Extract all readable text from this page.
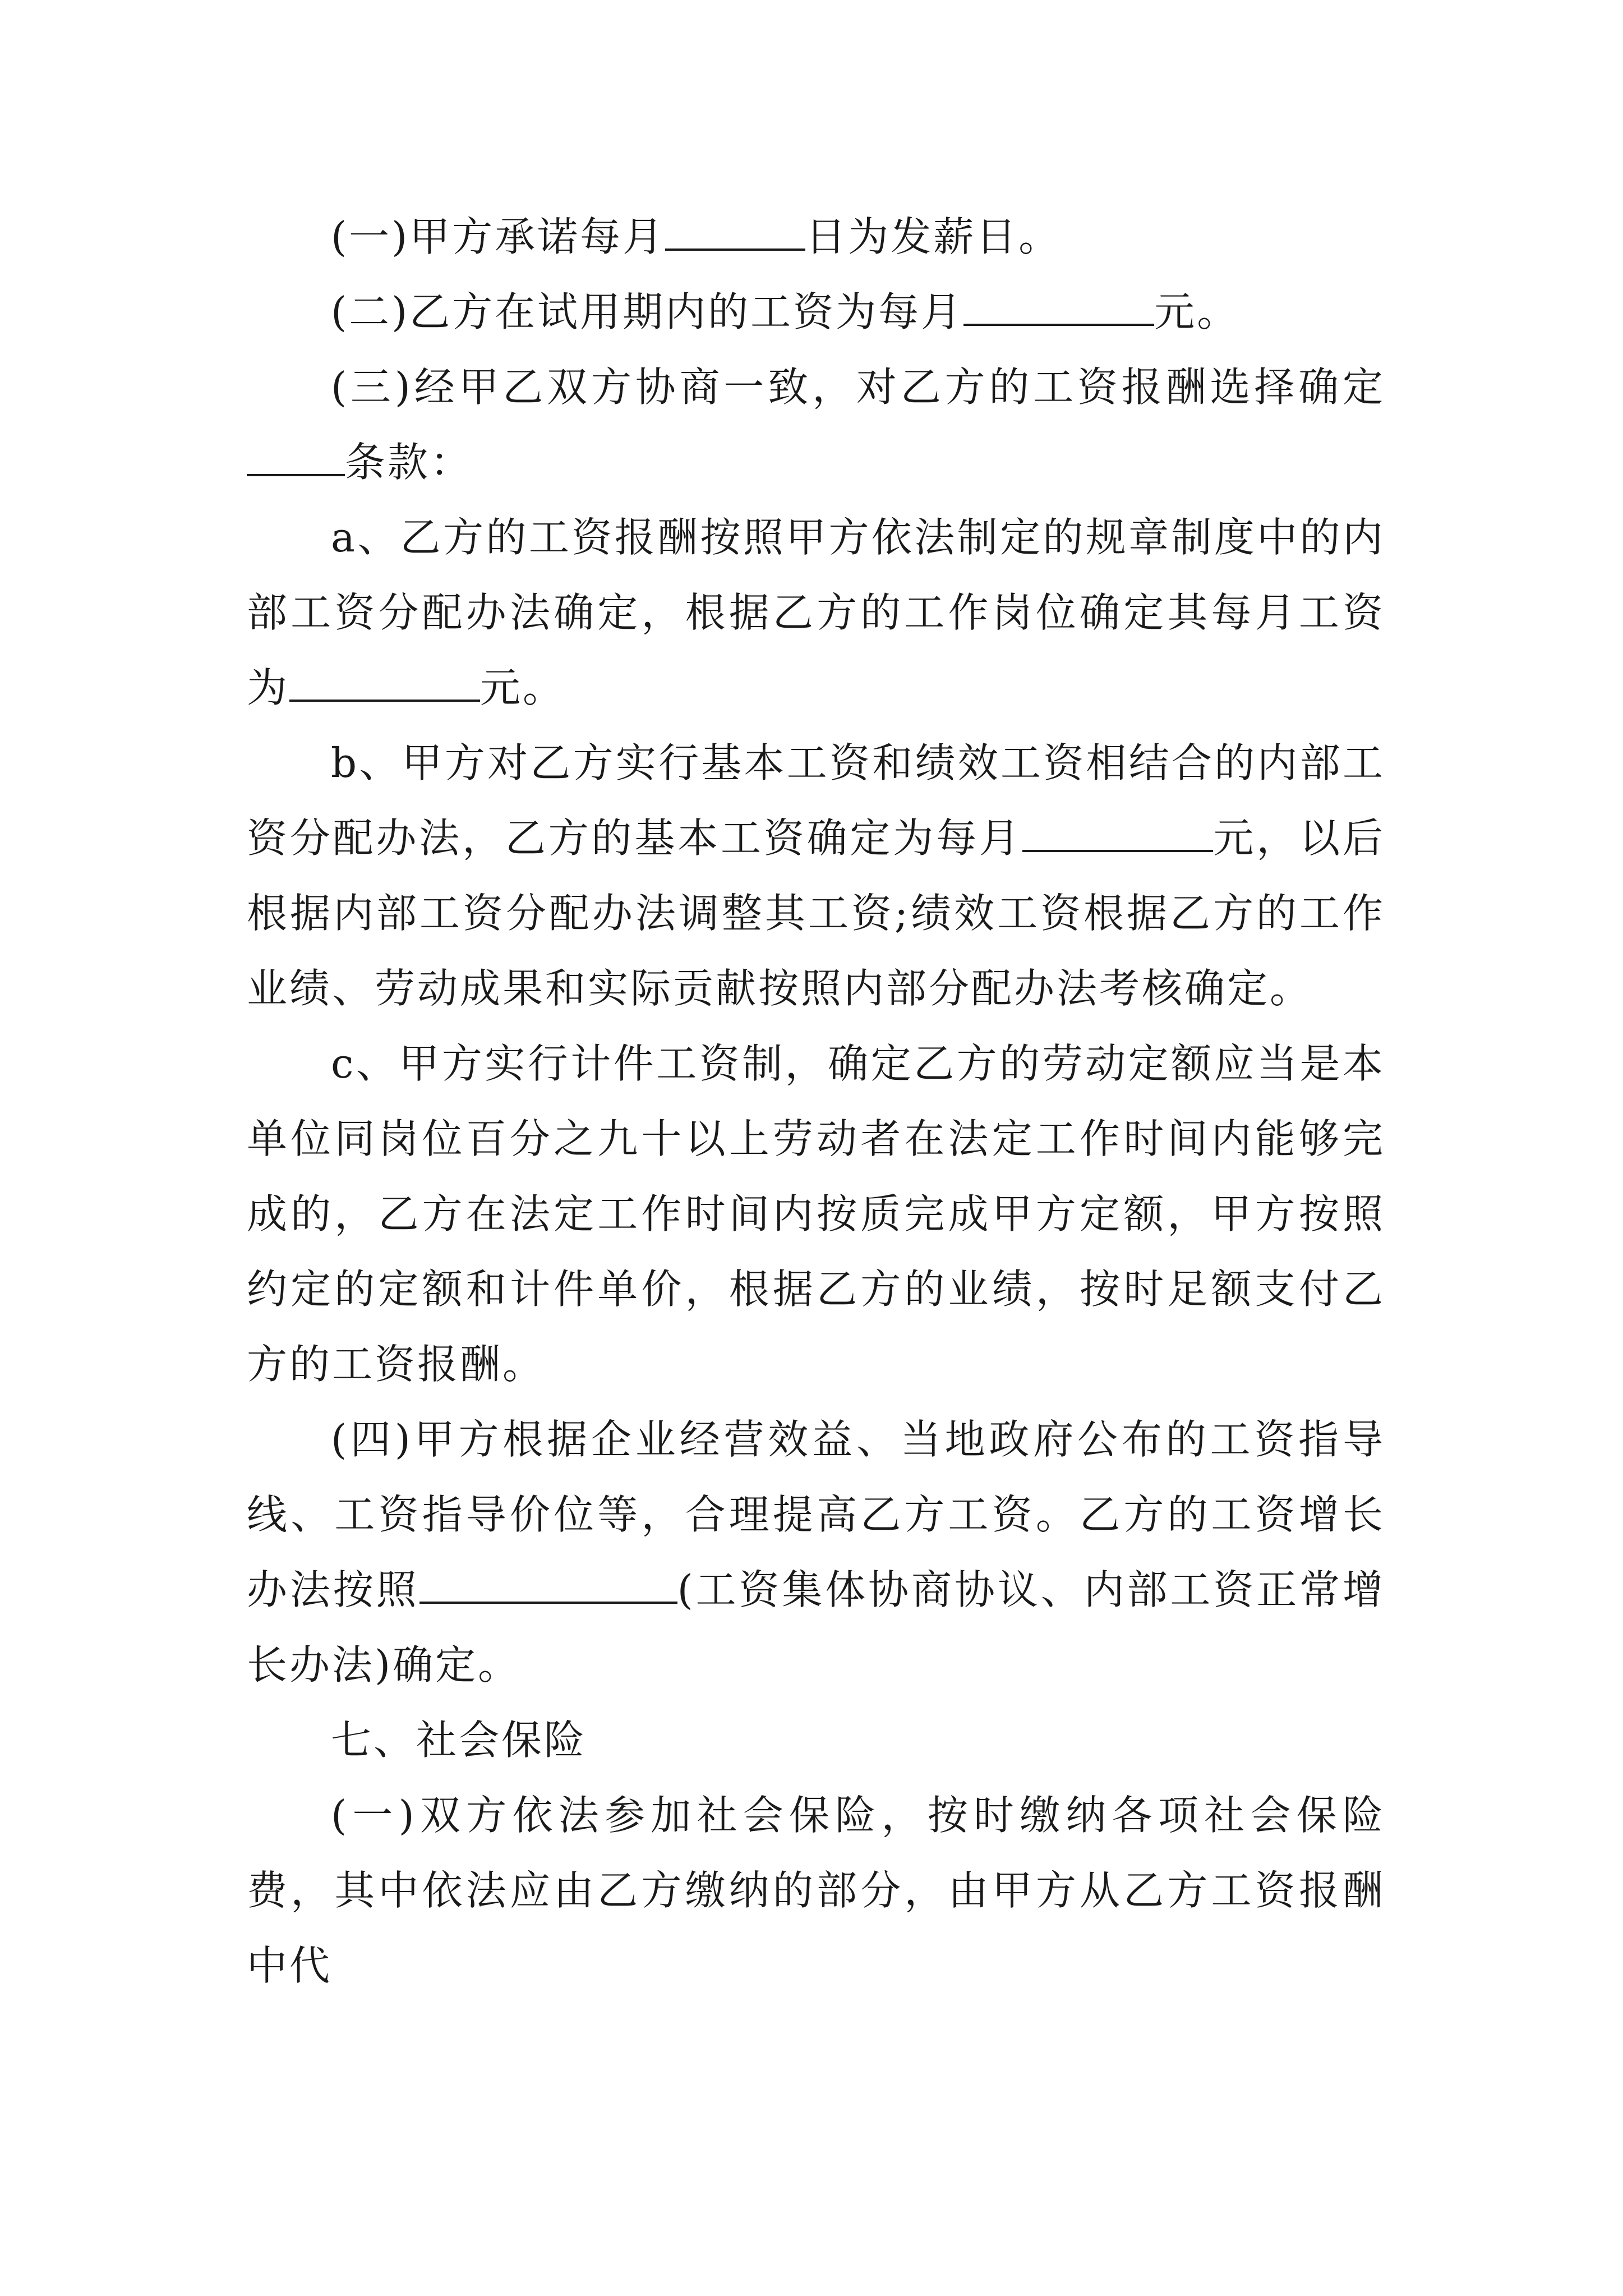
(一)甲方承诺每月	日为发薪日。

(二)乙方在试用期内的工资为每月	元。

(三)经甲乙双方协商一致，对乙方的工资报酬选择确定条款：

a、乙方的工资报酬按照甲方依法制定的规章制度中的内部工资分配办法确定，根据乙方的工作岗位确定其每月工资为	元。

b、甲方对乙方实行基本工资和绩效工资相结合的内部工资分配办法，乙方的基本工资确定为每月	元，以后根据内部工资分配办法调整其工资;绩效工资根据乙方的工作业绩、劳动成果和实际贡献按照内部分配办法考核确定。

c、甲方实行计件工资制，确定乙方的劳动定额应当是本单位同岗位百分之九十以上劳动者在法定工作时间内能够完成的，乙方在法定工作时间内按质完成甲方定额，甲方按照约定的定额和计件单价，根据乙方的业绩，按时足额支付乙方的工资报酬。

(四)甲方根据企业经营效益、当地政府公布的工资指导线、工资指导价位等，合理提高乙方工资。乙方的工资增长办法按照	(工资集体协商协议、内部工资正常增长办法)确定。

七、社会保险

(一)双方依法参加社会保险，按时缴纳各项社会保险费，其中依法应由乙方缴纳的部分，由甲方从乙方工资报酬中代
